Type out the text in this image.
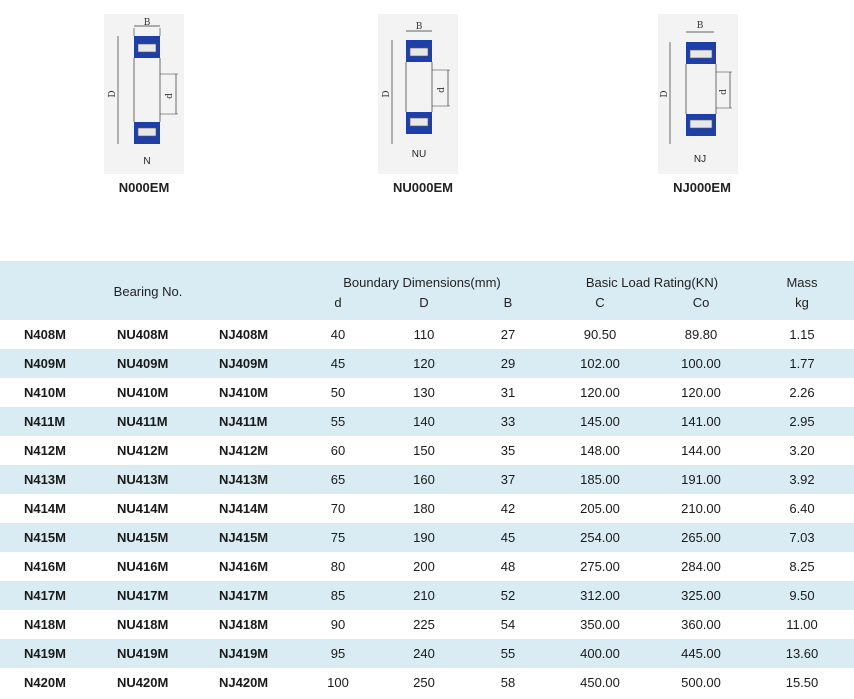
B
D	d
N
N000EM
B
D
d
NU
NU000EM
B
D	d
NJ
NJ000EM
Bearing No.
Boundary Dimensions(mm)
d	D	B
Basic Load Rating(KN)
C	Co
Mass
kg
N408M	NU408M	NJ408M	40	110	27	90.50	89.80	1.15
N409M	NU409M	NJ409M	45	120	29	102.00	100.00	1.77
N410M	NU410M	NJ410M	50	130	31	120.00	120.00	2.26
N411M	NU411M	NJ411M	55	140	33	145.00	141.00	2.95
N412M	NU412M	NJ412M	60	150	35	148.00	144.00	3.20
N413M	NU413M	NJ413M	65	160	37	185.00	191.00	3.92
N414M	NU414M	NJ414M	70	180	42	205.00	210.00	6.40
N415M	NU415M	NJ415M	75	190	45	254.00	265.00	7.03
N416M	NU416M	NJ416M	80	200	48	275.00	284.00	8.25
N417M	NU417M	NJ417M	85	210	52	312.00	325.00	9.50
N418M	NU418M	NJ418M	90	225	54	350.00	360.00	11.00
N419M	NU419M	NJ419M	95	240	55	400.00	445.00	13.60
N420M	NU420M	NJ420M	100	250	58	450.00	500.00	15.50
